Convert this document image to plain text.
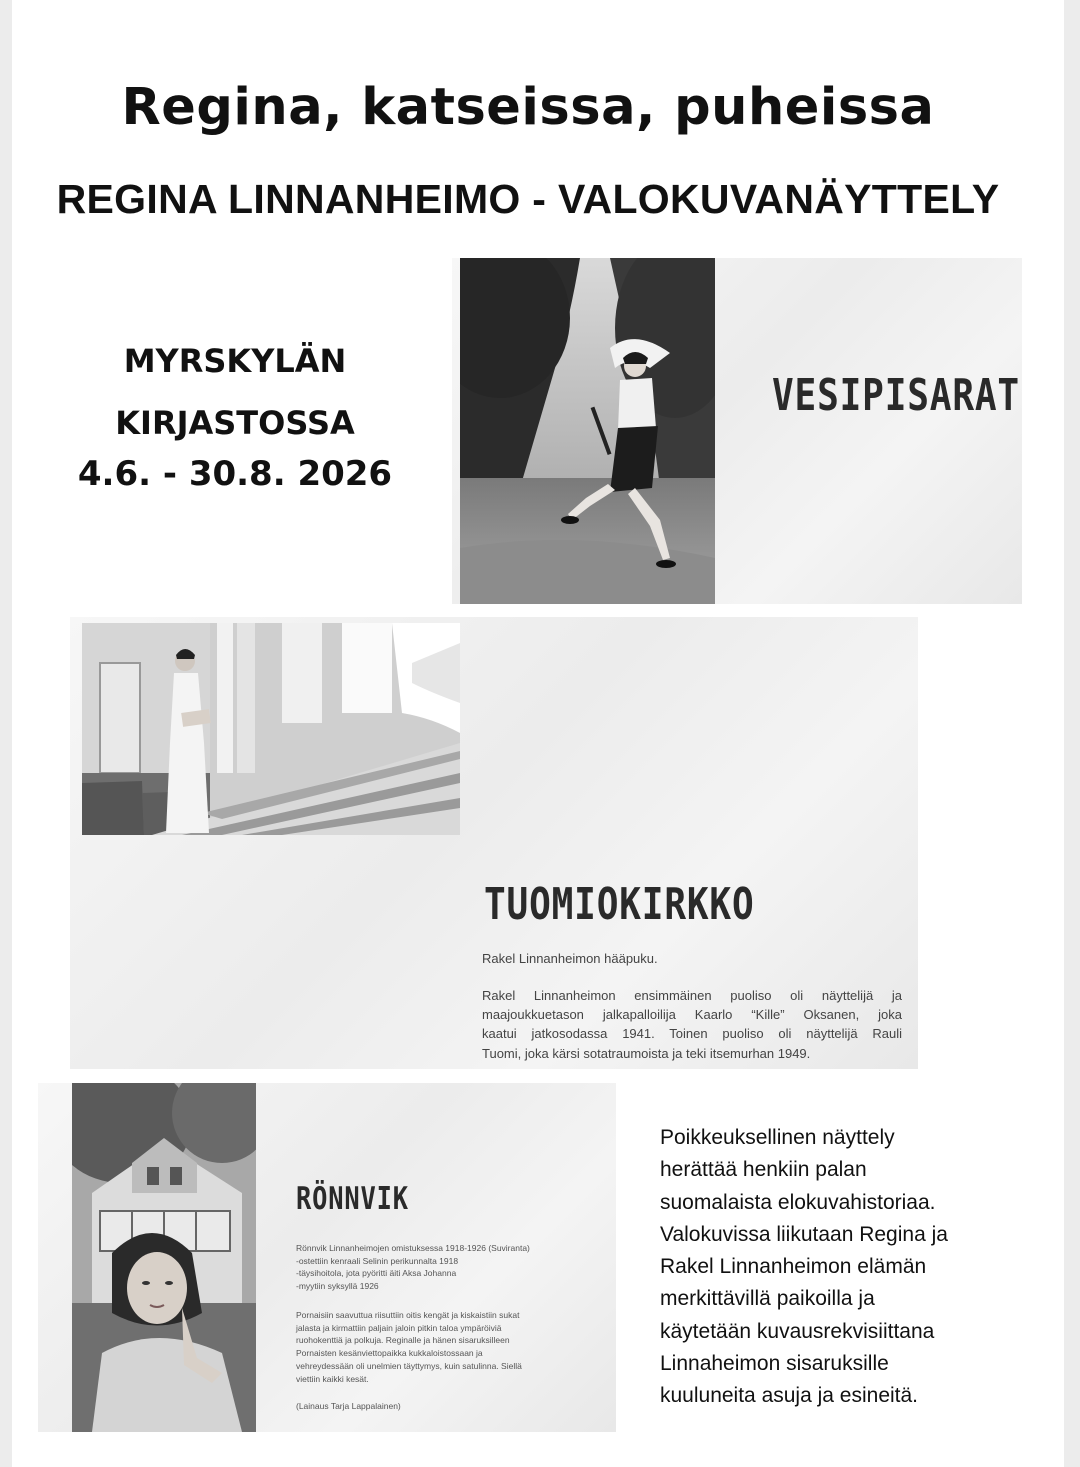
Regina, katseissa, puheissa
REGINA LINNANHEIMO - VALOKUVANÄYTTELY
MYRSKYLÄN
KIRJASTOSSA
4.6. - 30.8. 2026
VESIPISARAT
TUOMIOKIRKKO
Rakel Linnanheimon hääpuku.

Rakel Linnanheimon ensimmäinen puoliso oli näyttelijä ja

maajoukkuetason jalkapalloilija Kaarlo “Kille” Oksanen, joka

kaatui jatkosodassa 1941. Toinen puoliso oli näyttelijä Rauli

Tuomi, joka kärsi sotatraumoista ja teki itsemurhan 1949.

RÖNNVIK

Rönnvik Linnanheimojen omistuksessa 1918-1926 (Suviranta)

-ostettiin kenraali Selinin perikunnalta 1918

-täysihoitola, jota pyöritti äiti Aksa Johanna

-myytiin syksyllä 1926

Pornaisiin saavuttua riisuttiin oitis kengät ja kiskaistiin sukat

jalasta ja kirmattiin paljain jaloin pitkin taloa ympäröiviä

ruohokenttiä ja polkuja. Reginalle ja hänen sisaruksilleen

Pornaisten kesänviettopaikka kukkaloistossaan ja

vehreydessään oli unelmien täyttymys, kuin satulinna. Siellä

viettiin kaikki kesät.

(Lainaus Tarja Lappalainen)

Poikkeuksellinen näyttely

herättää henkiin palan

suomalaista elokuvahistoriaa.

Valokuvissa liikutaan Regina ja

Rakel Linnanheimon elämän

merkittävillä paikoilla ja

käytetään kuvausrekvisiittana

Linnaheimon sisaruksille

kuuluneita asuja ja esineitä.
